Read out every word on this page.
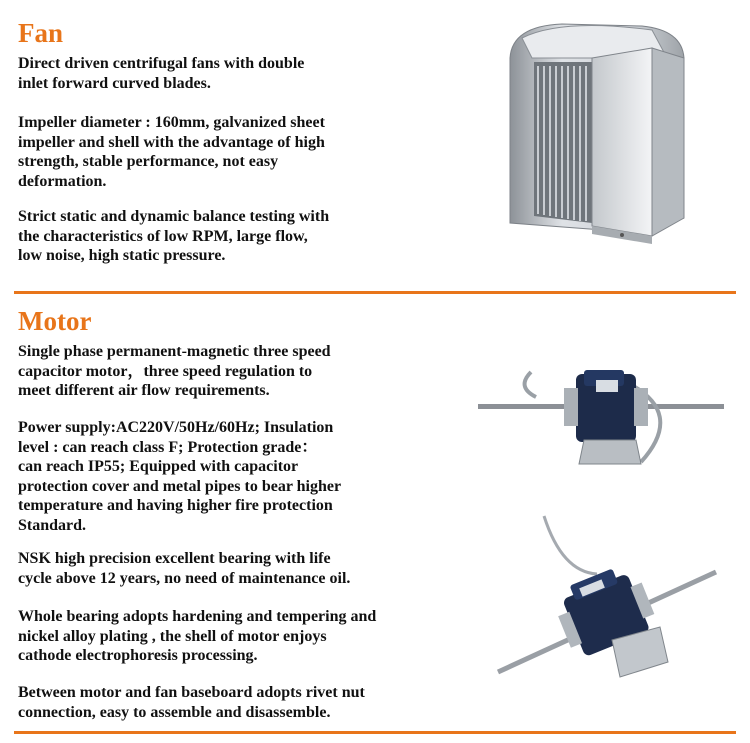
Fan

Direct driven centrifugal fans with double
inlet forward curved blades.

Impeller diameter : 160mm, galvanized sheet
impeller and shell with the advantage of high
strength, stable performance, not easy
deformation.

Strict static and dynamic balance testing with
the characteristics of low RPM, large flow,
low noise, high static pressure.

Motor

Single phase permanent-magnetic three speed
capacitor motor，three speed regulation to
meet different air flow requirements.

Power supply:AC220V/50Hz/60Hz; Insulation
level : can reach class F; Protection grade：
can reach IP55; Equipped with capacitor
protection cover and metal pipes to bear higher
temperature and having higher fire protection
Standard.

NSK high precision excellent bearing with life
cycle above 12 years, no need of maintenance oil.

Whole bearing adopts hardening and tempering and
nickel alloy plating , the shell of motor enjoys
cathode electrophoresis processing.

Between motor and fan baseboard adopts rivet nut
connection, easy to assemble and disassemble.
